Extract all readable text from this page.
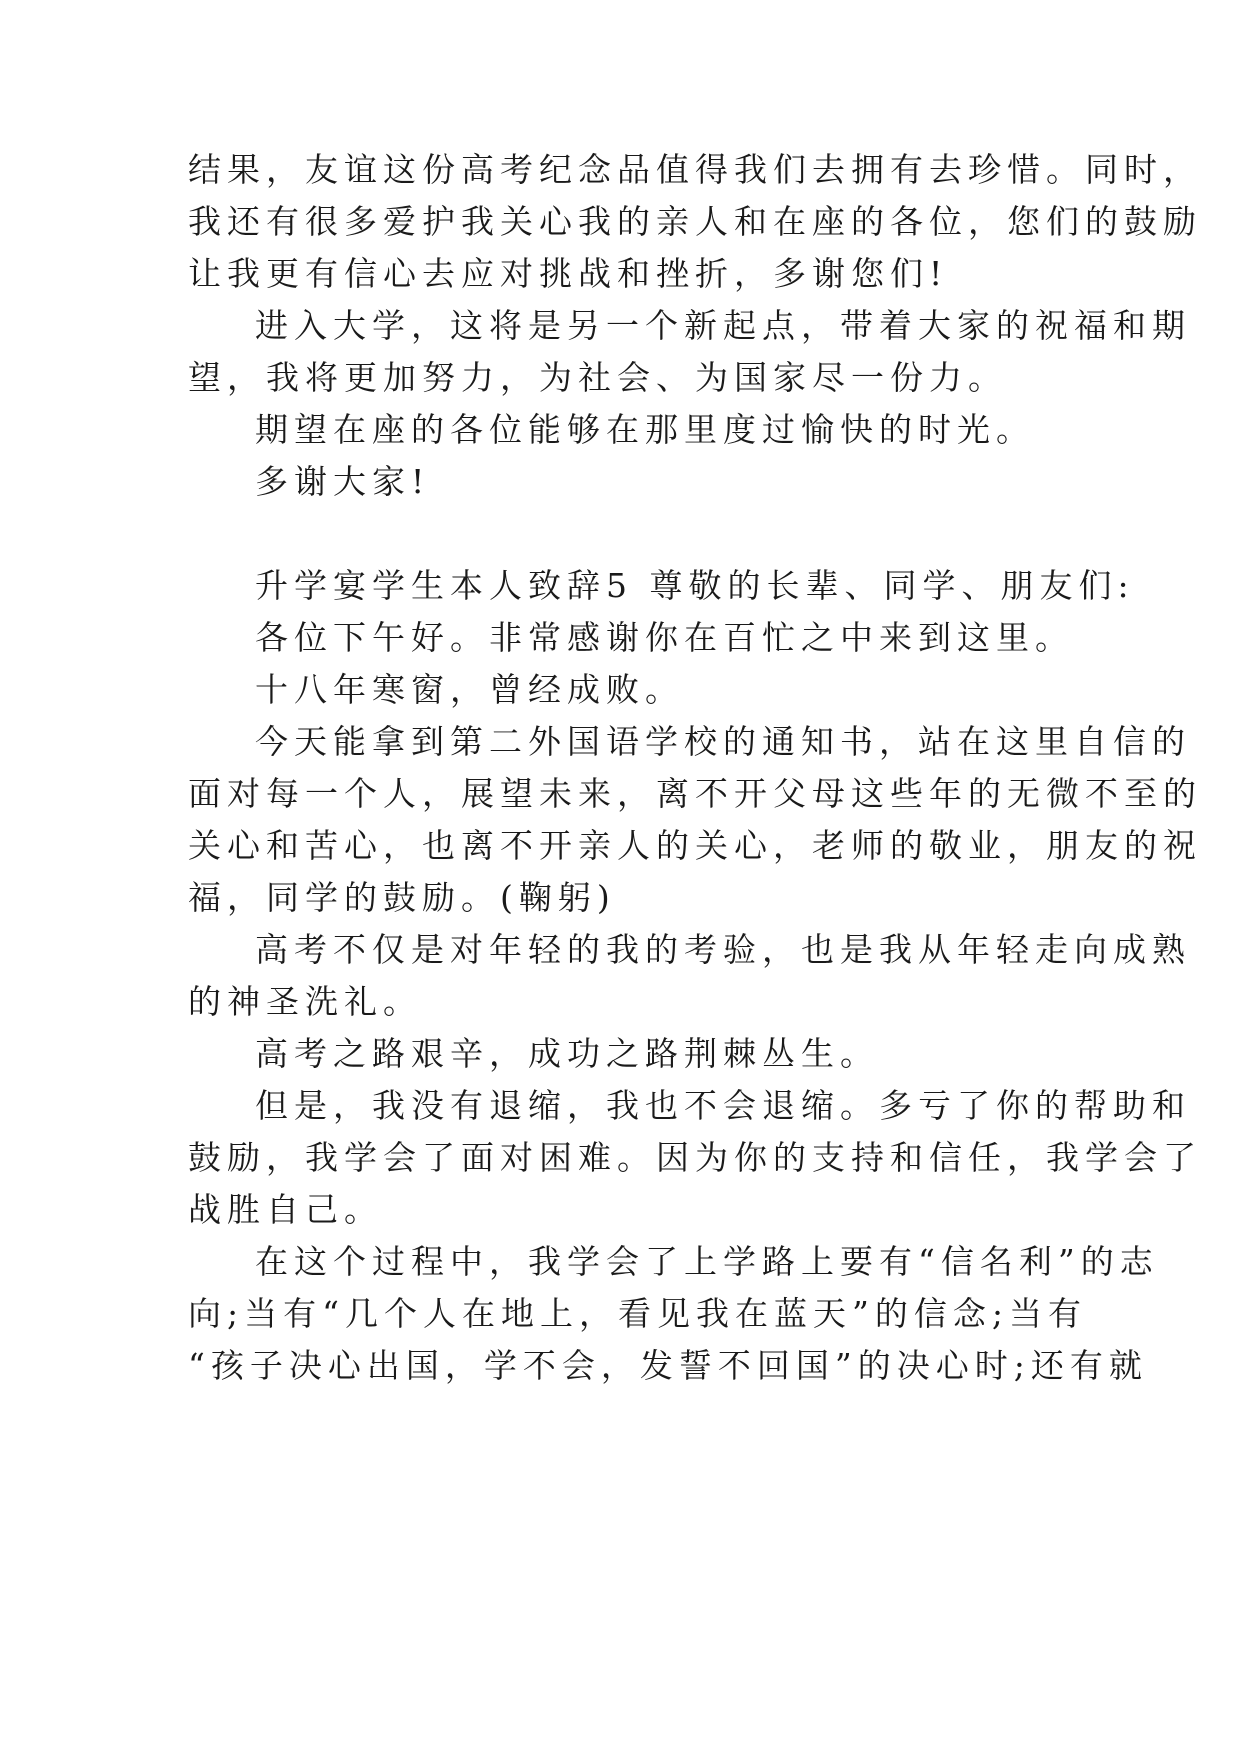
结果，友谊这份高考纪念品值得我们去拥有去珍惜。同时，

我还有很多爱护我关心我的亲人和在座的各位，您们的鼓励

让我更有信心去应对挑战和挫折，多谢您们!

进入大学，这将是另一个新起点，带着大家的祝福和期

望，我将更加努力，为社会、为国家尽一份力。

期望在座的各位能够在那里度过愉快的时光。

多谢大家!

升学宴学生本人致辞5 尊敬的长辈、同学、朋友们:

各位下午好。非常感谢你在百忙之中来到这里。

十八年寒窗，曾经成败。

今天能拿到第二外国语学校的通知书，站在这里自信的

面对每一个人，展望未来，离不开父母这些年的无微不至的

关心和苦心，也离不开亲人的关心，老师的敬业，朋友的祝

福，同学的鼓励。(鞠躬)

高考不仅是对年轻的我的考验，也是我从年轻走向成熟

的神圣洗礼。

高考之路艰辛，成功之路荆棘丛生。

但是，我没有退缩，我也不会退缩。多亏了你的帮助和

鼓励，我学会了面对困难。因为你的支持和信任，我学会了

战胜自己。

在这个过程中，我学会了上学路上要有“信名利”的志

向;当有“几个人在地上，看见我在蓝天”的信念;当有

“孩子决心出国，学不会，发誓不回国”的决心时;还有就
